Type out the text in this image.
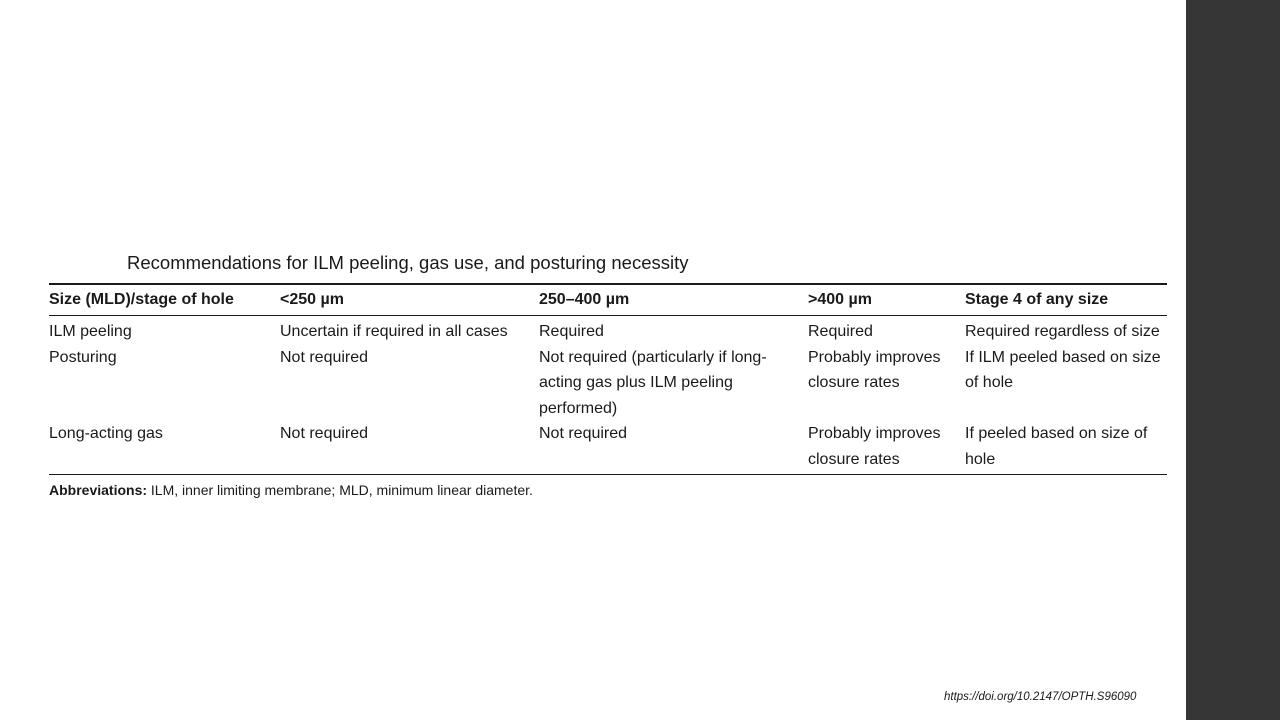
Recommendations for ILM peeling, gas use, and posturing necessity
Size (MLD)/stage of hole	<250 µm	250–400 µm	>400 µm	Stage 4 of any size
ILM peeling	Uncertain if required in all cases	Required	Required	Required regardless of size
Posturing	Not required	Not required (particularly if long-acting gas plus ILM peeling performed)	Probably improves closure rates	If ILM peeled based on size of hole
Long-acting gas	Not required	Not required	Probably improves closure rates	If peeled based on size of hole
Abbreviations: ILM, inner limiting membrane; MLD, minimum linear diameter.
https://doi.org/10.2147/OPTH.S96090
